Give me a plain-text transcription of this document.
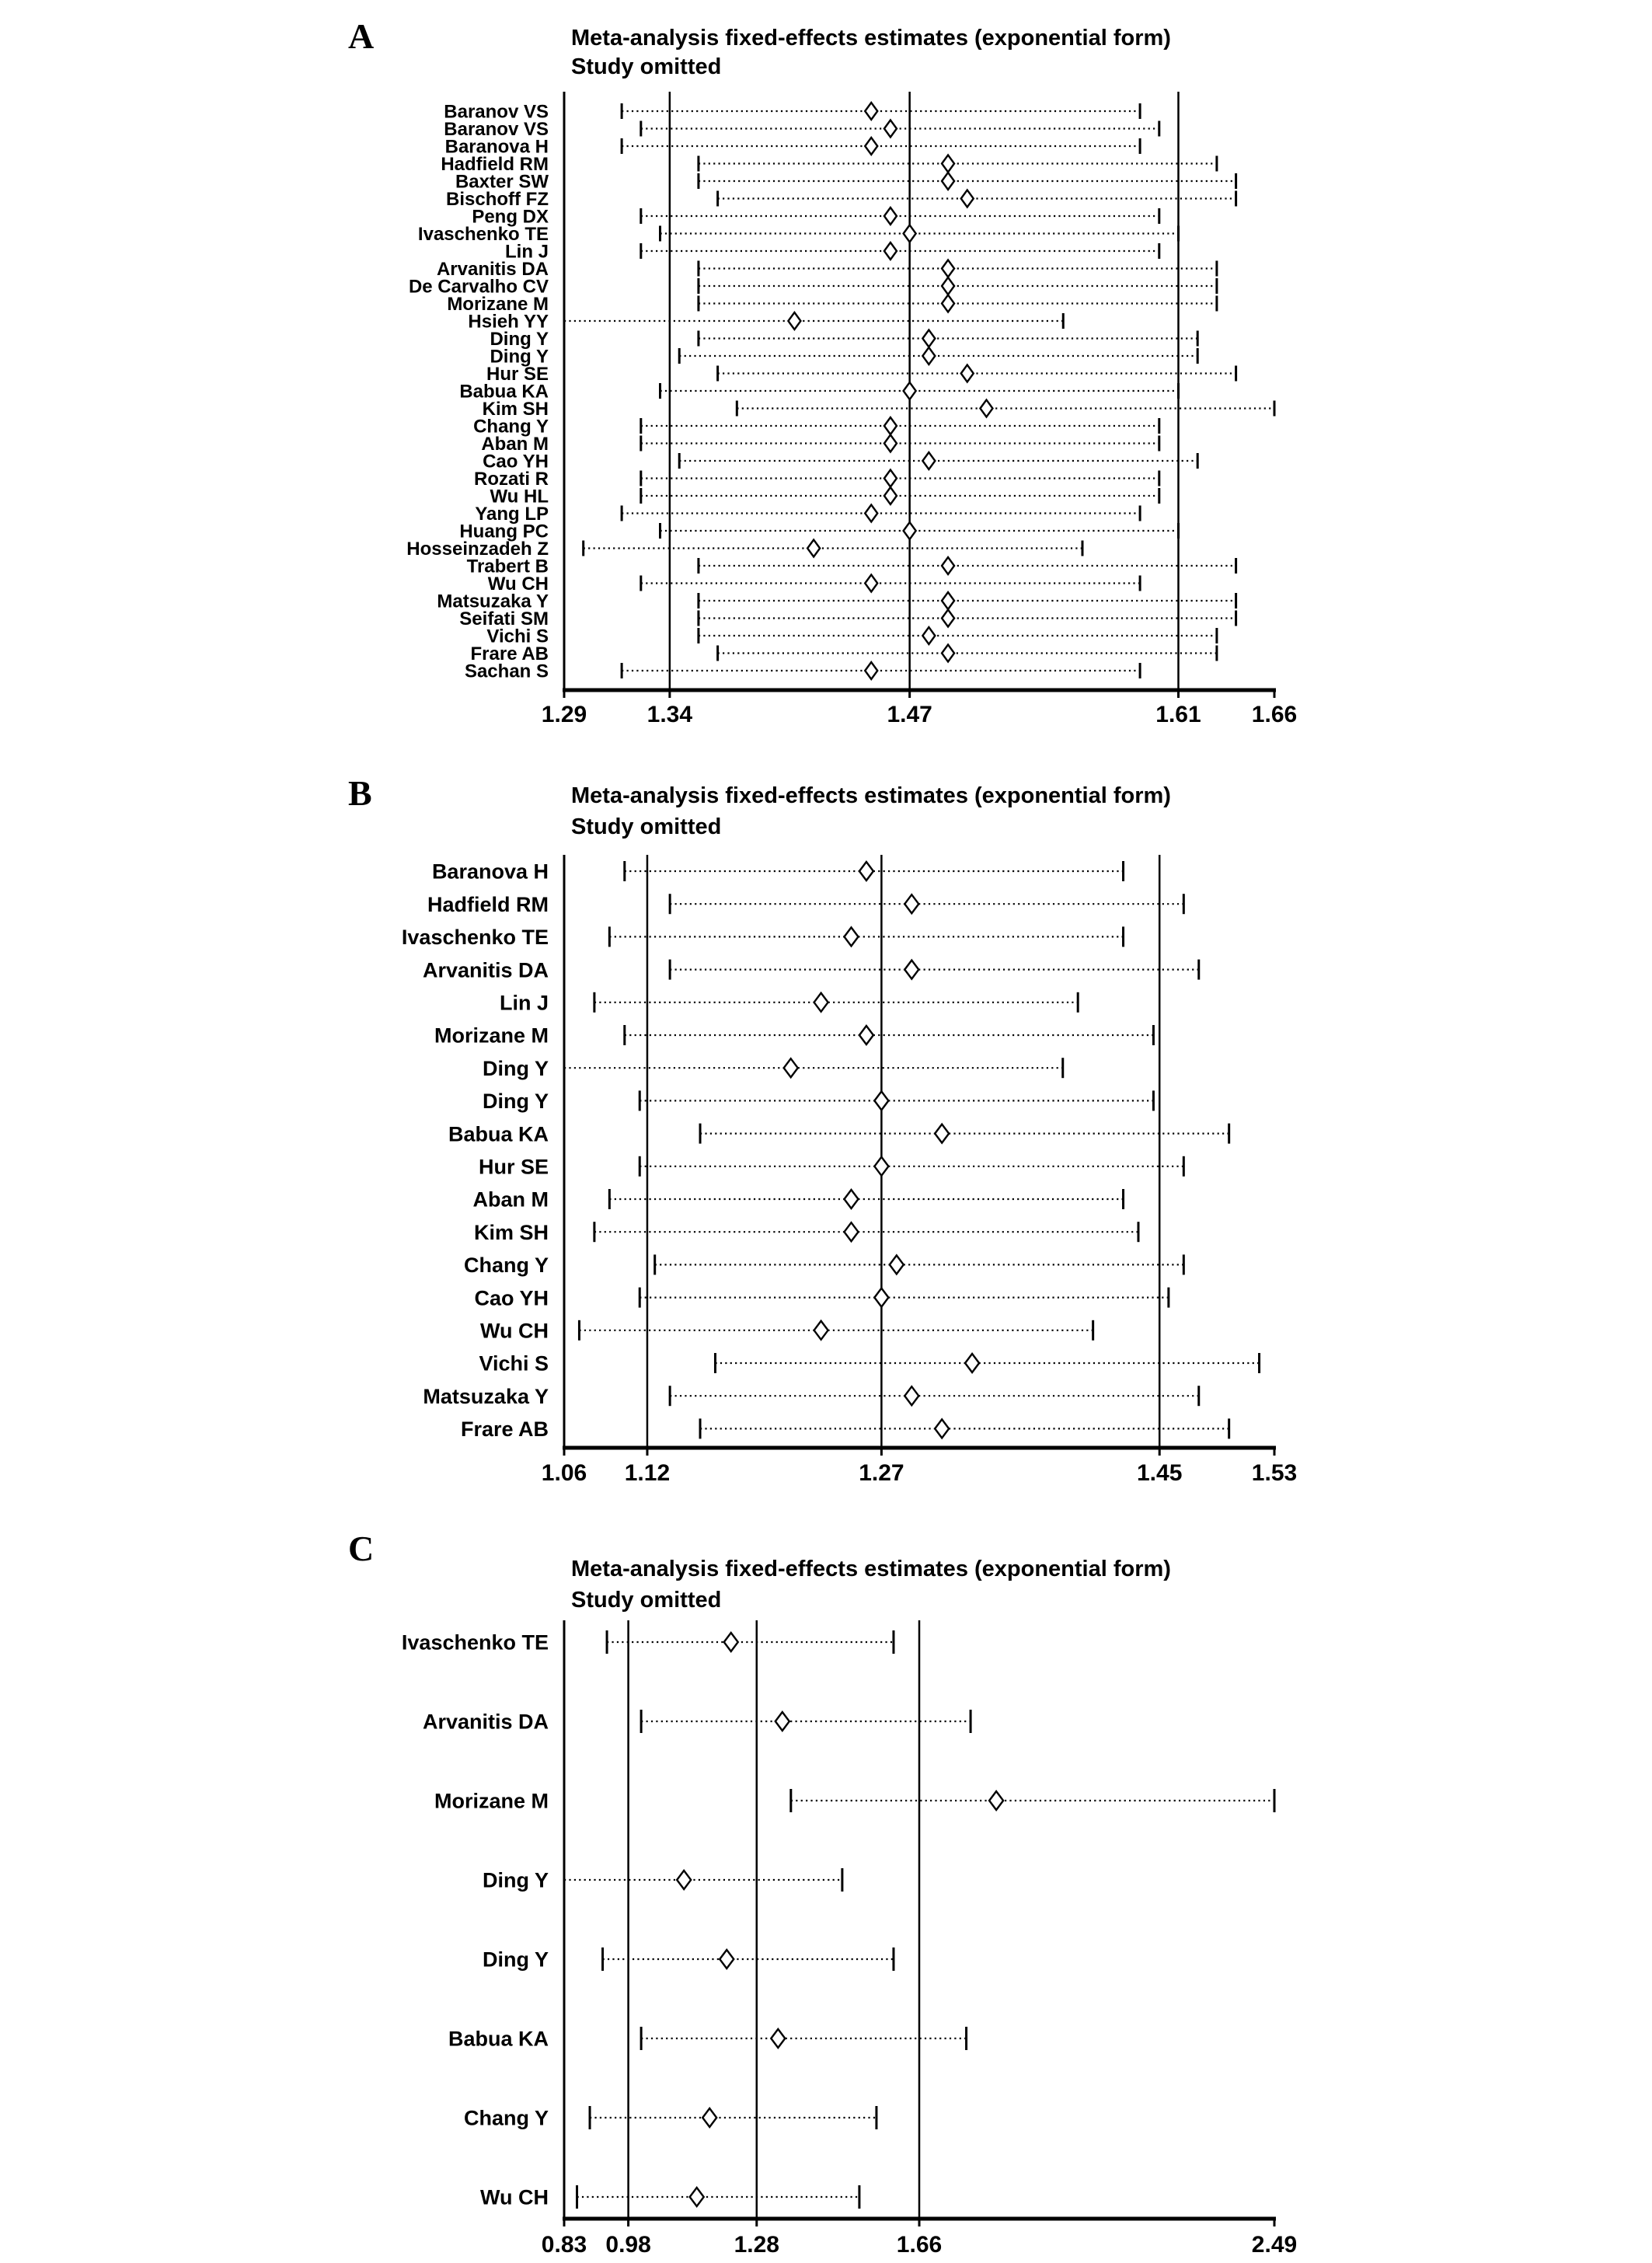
Baranov VS
Baranov VS
Baranova H
Hadfield RM
Baxter SW
Bischoff FZ
Peng DX
Ivaschenko TE
Lin J
Arvanitis DA
De Carvalho CV
Morizane M
Hsieh YY
Ding Y
Ding Y
Hur SE
Babua KA
Kim SH
Chang Y
Aban M
Cao YH
Rozati R
Wu HL
Yang LP
Huang PC
Hosseinzadeh Z
Trabert B
Wu CH
Matsuzaka Y
Seifati SM
Vichi S
Frare AB
Sachan S
1.29	1.34	1.47	1.61 1.66
Baranova H
Hadfield RM
Ivaschenko TE
Arvanitis DA
Lin J
Morizane M
Ding Y
Ding Y
Babua KA
Hur SE
Aban M
Kim SH
Chang Y
Cao YH
Wu CH
Vichi S
Matsuzaka Y
Frare AB
1.06 1.12	1.27	1.45	1.53
Ivaschenko TE
Arvanitis DA
Morizane M
Ding Y
Ding Y
Babua KA
Chang Y
Wu CH
0.83 0.98	1.28	1.66	2.49
A	Meta-analysis fixed-effects estimates (exponential form)
Study omitted
B	Meta-analysis fixed-effects estimates (exponential form)
Study omitted
C
Meta-analysis fixed-effects estimates (exponential form)
Study omitted
